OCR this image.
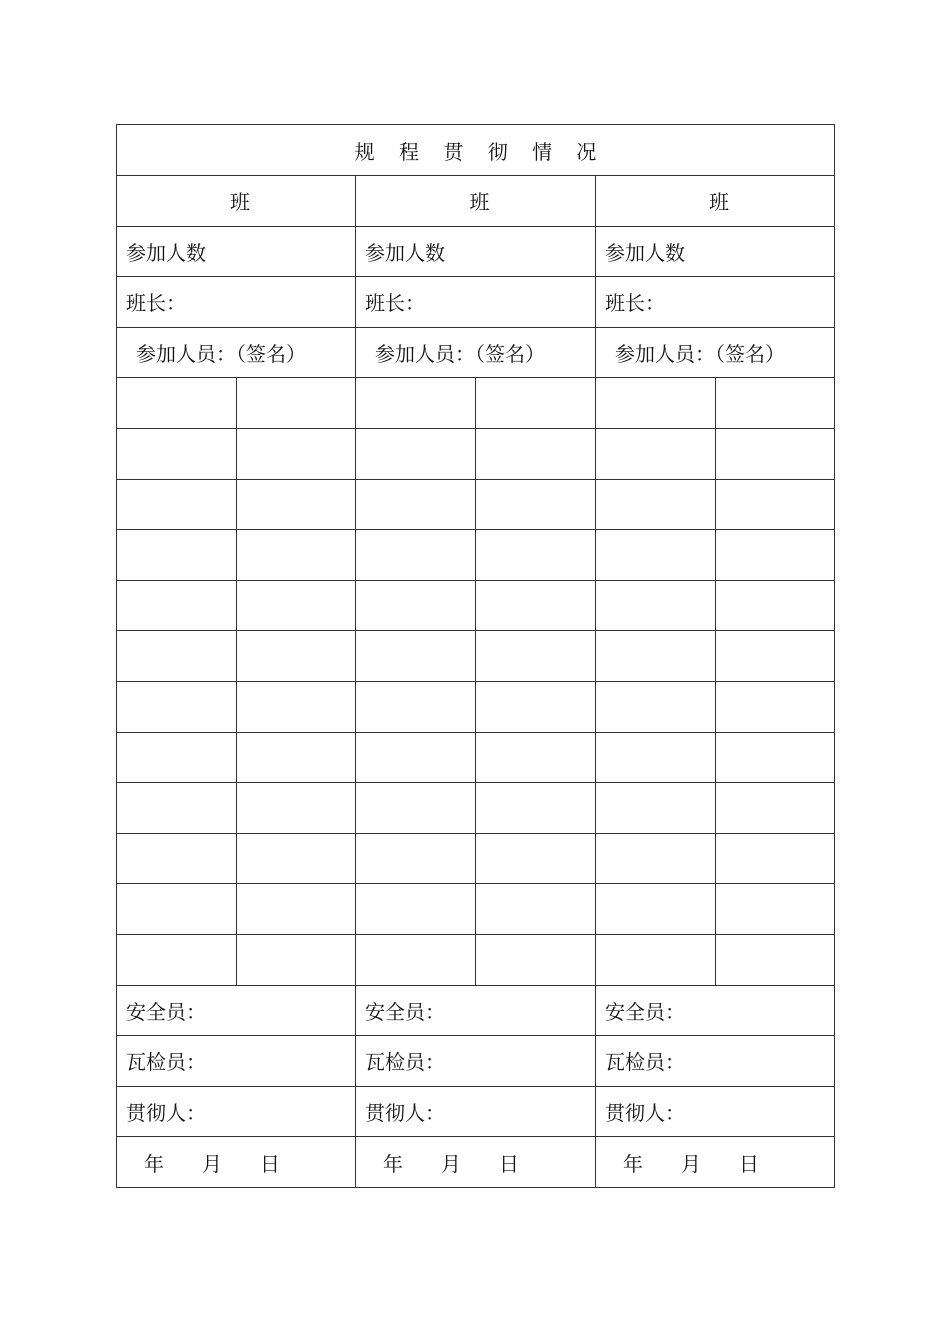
规 程 贯 彻 情 况					
班		班		班	
参加人数		参加人数		参加人数	
班长：		班长：		班长：	
参加人员：（签名）		参加人员：（签名）		参加人员：（签名）	

安全员：		安全员：		安全员：	
瓦检员：		瓦检员：		瓦检员：	
贯彻人：		贯彻人：		贯彻人：	
年 月 日		年 月 日		年 月 日	
